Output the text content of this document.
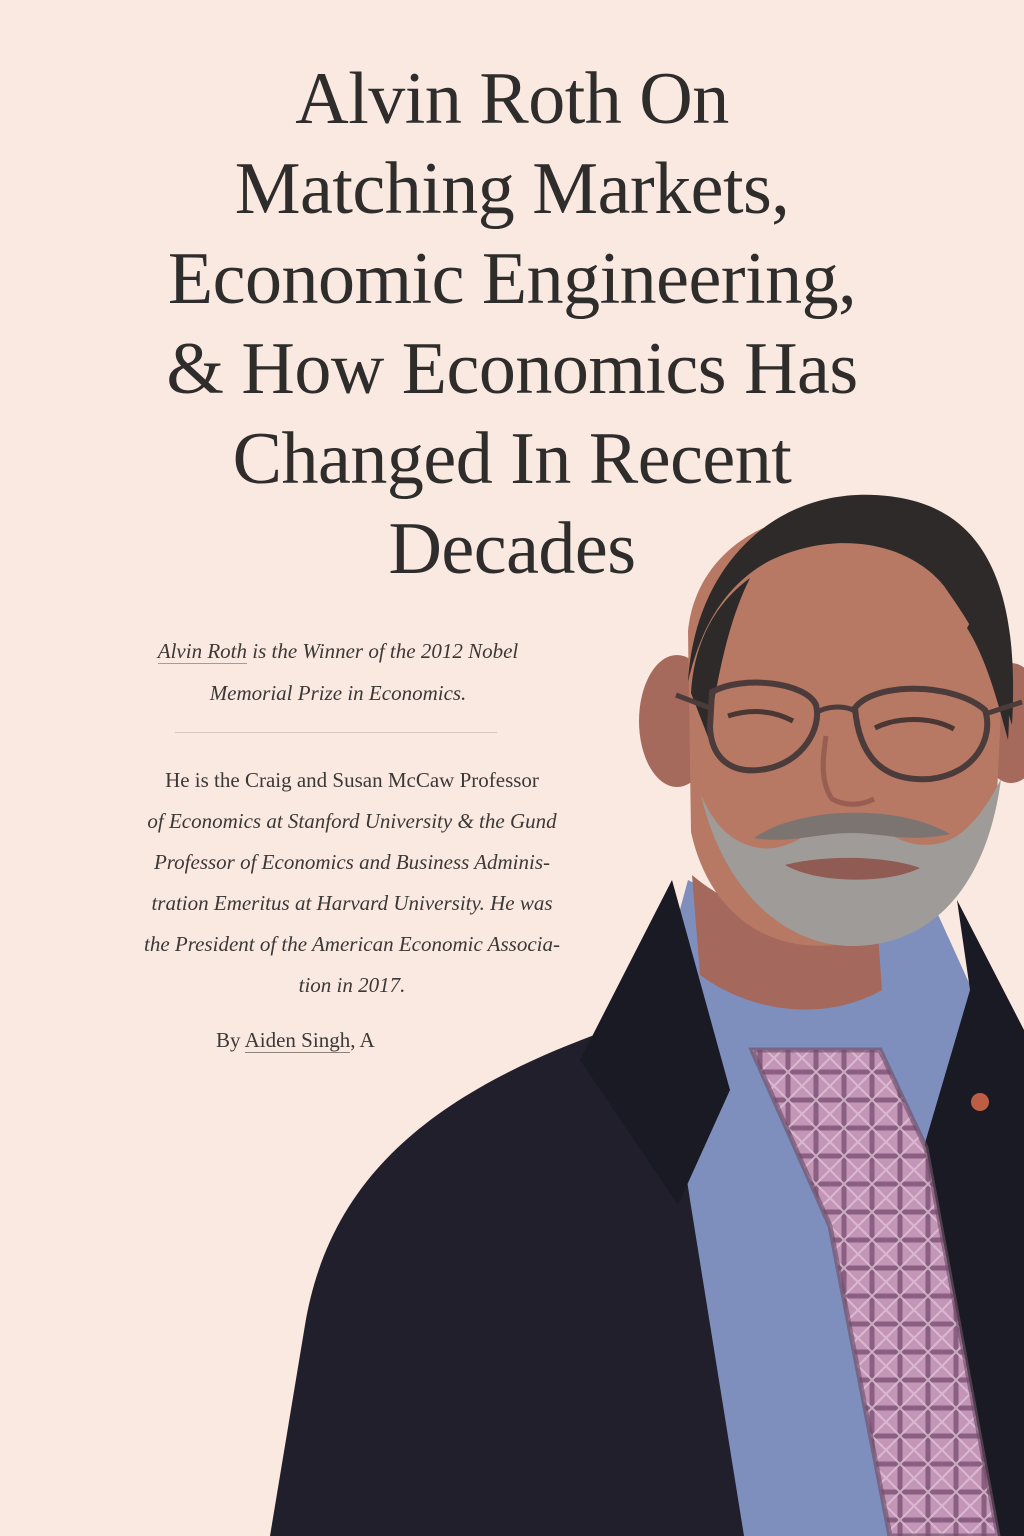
Alvin Roth On
Matching Markets,
Economic Engineering,
& How Economics Has
Changed In Recent
Decades
Alvin Roth is the Winner of the 2012 Nobel
Memorial Prize in Economics.
He is the Craig and Susan McCaw Professor
of Economics at Stanford University & the Gund
Professor of Economics and Business Adminis-
tration Emeritus at Harvard University. He was
the President of the American Economic Associa-
tion in 2017.
By Aiden Singh, A
